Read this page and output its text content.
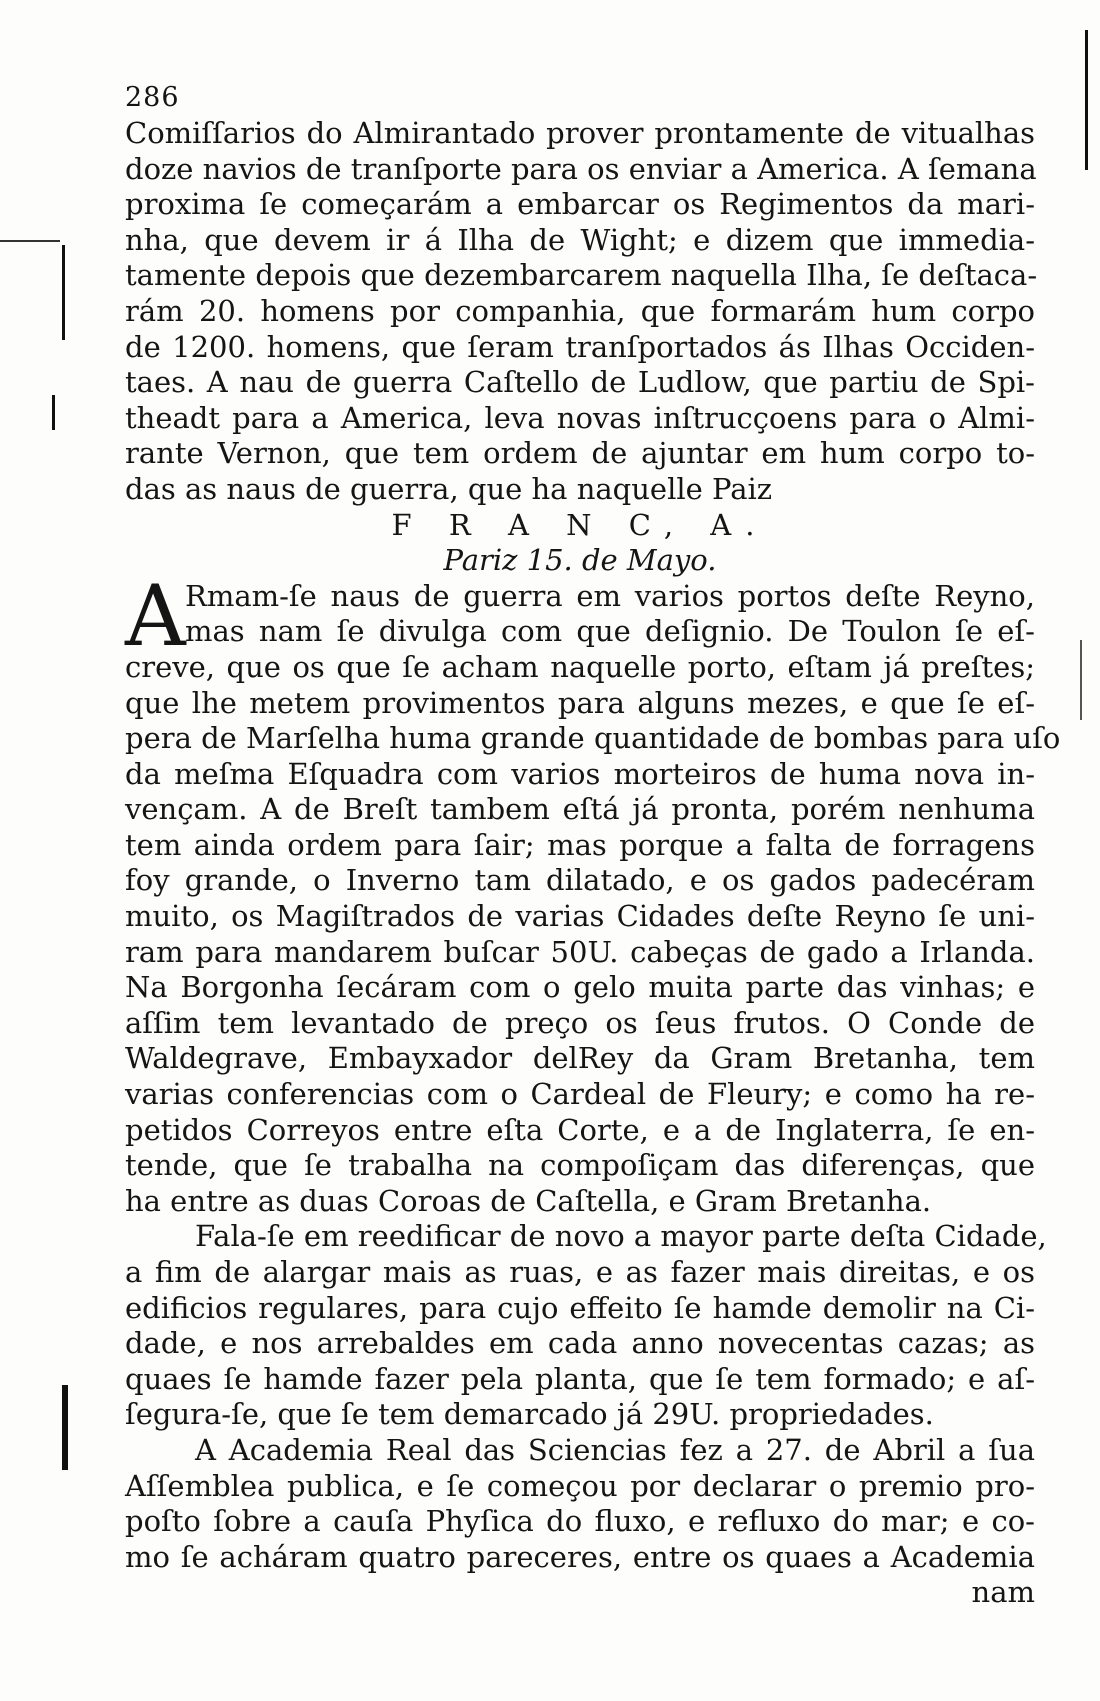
286
Comiſſarios do Almirantado prover prontamente de vitualhas
doze navios de tranſporte para os enviar a America. A ſemana
proxima ſe começarám a embarcar os Regimentos da mari-
nha, que devem ir á Ilha de Wight; e dizem que immedia-
tamente depois que dezembarcarem naquella Ilha, ſe deſtaca-
rám 20. homens por companhia, que formarám hum corpo
de 1200. homens, que ſeram tranſportados ás Ilhas Occiden-
taes. A nau de guerra Caſtello de Ludlow, que partiu de Spi-
theadt para a America, leva novas inſtrucçoens para o Almi-
rante Vernon, que tem ordem de ajuntar em hum corpo to-
das as naus de guerra, que ha naquelle Paiz
F R A N C, A.
Pariz 15. de Mayo.
A Rmam-ſe naus de guerra em varios portos deſte Reyno,
mas nam ſe divulga com que deſignio. De Toulon ſe eſ-
creve, que os que ſe acham naquelle porto, eſtam já preſtes;
que lhe metem provimentos para alguns mezes, e que ſe eſ-
pera de Marſelha huma grande quantidade de bombas para uſo
da meſma Eſquadra com varios morteiros de huma nova in-
vençam. A de Breſt tambem eſtá já pronta, porém nenhuma
tem ainda ordem para ſair; mas porque a falta de forragens
foy grande, o Inverno tam dilatado, e os gados padecéram
muito, os Magiſtrados de varias Cidades deſte Reyno ſe uni-
ram para mandarem buſcar 50U. cabeças de gado a Irlanda.
Na Borgonha ſecáram com o gelo muita parte das vinhas; e
aſſim tem levantado de preço os ſeus frutos. O Conde de
Waldegrave, Embayxador delRey da Gram Bretanha, tem
varias conferencias com o Cardeal de Fleury; e como ha re-
petidos Correyos entre eſta Corte, e a de Inglaterra, ſe en-
tende, que ſe trabalha na compoſiçam das diferenças, que
ha entre as duas Coroas de Caſtella, e Gram Bretanha.
Fala-ſe em reedificar de novo a mayor parte deſta Cidade,
a fim de alargar mais as ruas, e as fazer mais direitas, e os
edificios regulares, para cujo effeito ſe hamde demolir na Ci-
dade, e nos arrebaldes em cada anno novecentas cazas; as
quaes ſe hamde fazer pela planta, que ſe tem formado; e aſ-
ſegura-ſe, que ſe tem demarcado já 29U. propriedades.
A Academia Real das Sciencias fez a 27. de Abril a ſua
Aſſemblea publica, e ſe começou por declarar o premio pro-
poſto ſobre a cauſa Phyſica do fluxo, e refluxo do mar; e co-
mo ſe acháram quatro pareceres, entre os quaes a Academia
nam
